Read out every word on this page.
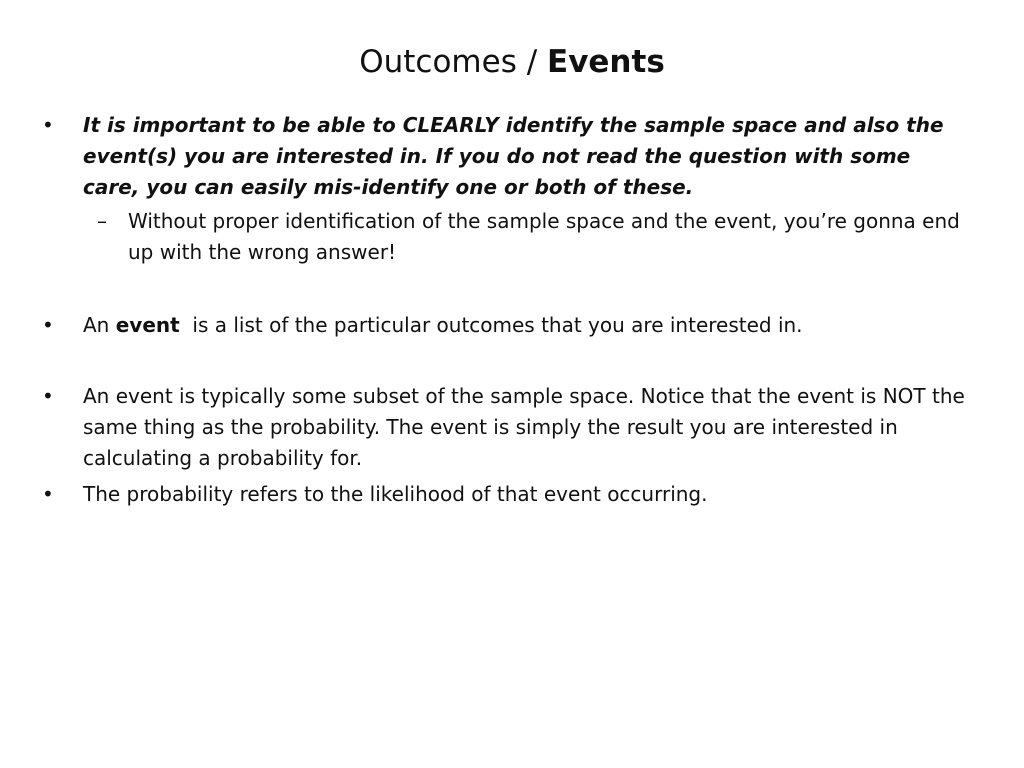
Outcomes / Events
• It is important to be able to CLEARLY identify the sample space and also the event(s) you are interested in. If you do not read the question with some care, you can easily mis-identify one or both of these.
– Without proper identification of the sample space and the event, you’re gonna end up with the wrong answer!
• An event  is a list of the particular outcomes that you are interested in.
• An event is typically some subset of the sample space. Notice that the event is NOT the same thing as the probability. The event is simply the result you are interested in calculating a probability for.
• The probability refers to the likelihood of that event occurring.
